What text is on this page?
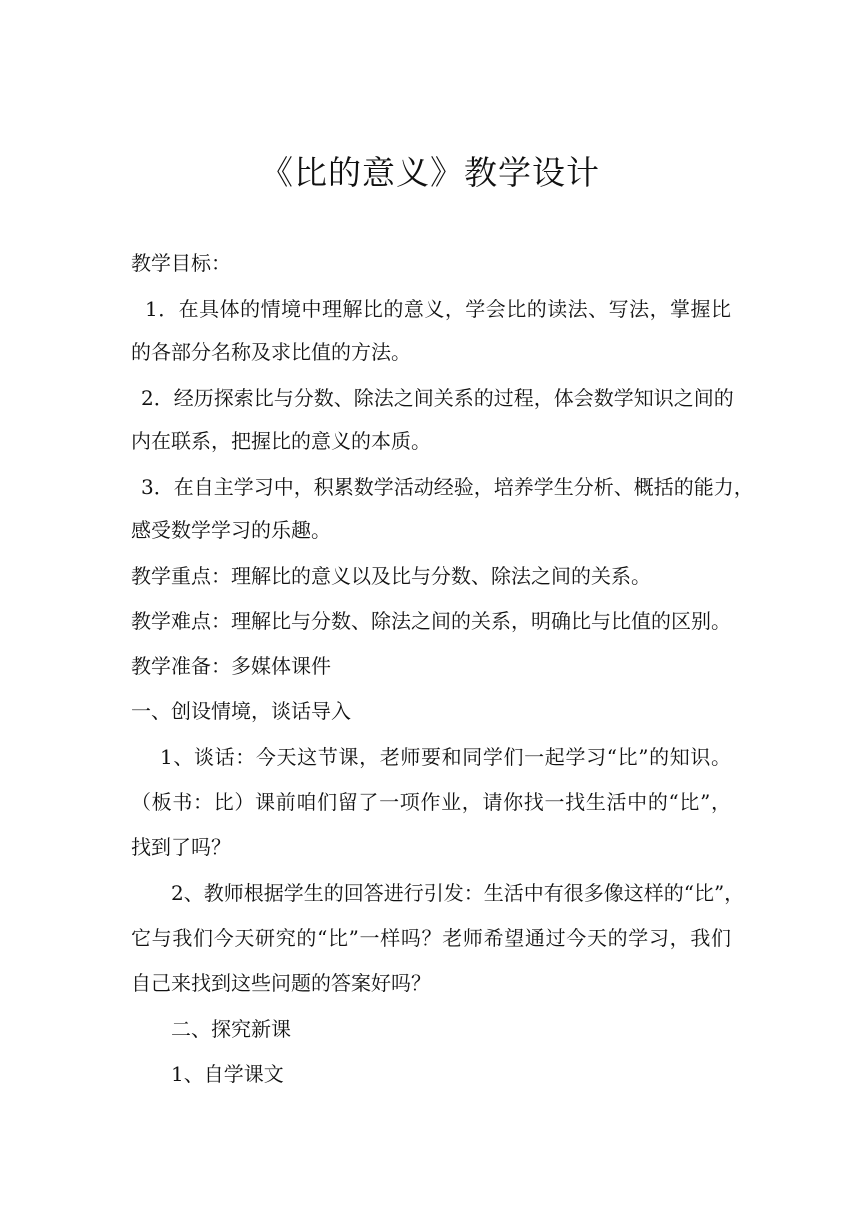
《比的意义》教学设计
教学目标：
1．在具体的情境中理解比的意义，学会比的读法、写法，掌握比
的各部分名称及求比值的方法。
2．经历探索比与分数、除法之间关系的过程，体会数学知识之间的
内在联系，把握比的意义的本质。
3．在自主学习中，积累数学活动经验，培养学生分析、概括的能力，
感受数学学习的乐趣。
教学重点：理解比的意义以及比与分数、除法之间的关系。
教学难点：理解比与分数、除法之间的关系，明确比与比值的区别。
教学准备：多媒体课件
一、创设情境，谈话导入
1、谈话：今天这节课，老师要和同学们一起学习“比”的知识。
（板书：比）课前咱们留了一项作业，请你找一找生活中的“比”，
找到了吗？
2、教师根据学生的回答进行引发：生活中有很多像这样的“比”，
它与我们今天研究的“比”一样吗？老师希望通过今天的学习，我们
自己来找到这些问题的答案好吗？
二、探究新课
1、自学课文
